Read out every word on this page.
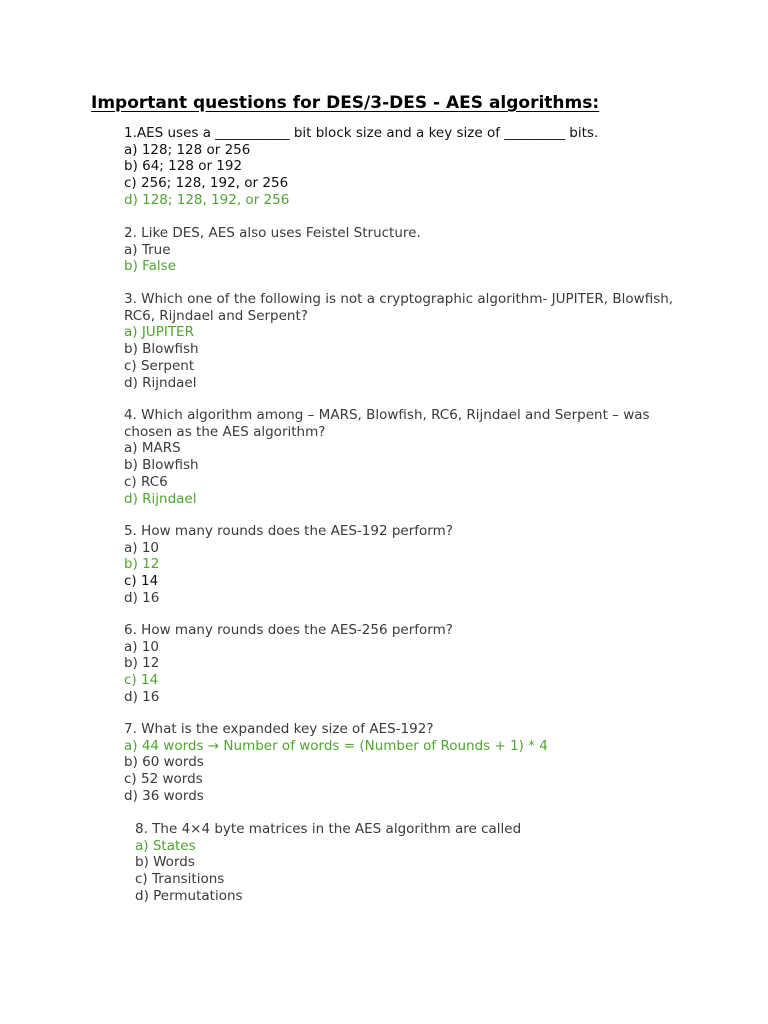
Important questions for DES/3-DES - AES algorithms:
1.AES uses a ___________ bit block size and a key size of _________ bits.
a) 128; 128 or 256
b) 64; 128 or 192
c) 256; 128, 192, or 256
d) 128; 128, 192, or 256
2. Like DES, AES also uses Feistel Structure.
a) True
b) False
3. Which one of the following is not a cryptographic algorithm- JUPITER, Blowfish, RC6, Rijndael and Serpent?
a) JUPITER
b) Blowfish
c) Serpent
d) Rijndael
4. Which algorithm among – MARS, Blowfish, RC6, Rijndael and Serpent – was chosen as the AES algorithm?
a) MARS
b) Blowfish
c) RC6
d) Rijndael
5. How many rounds does the AES-192 perform?
a) 10
b) 12
c) 14
d) 16
6. How many rounds does the AES-256 perform?
a) 10
b) 12
c) 14
d) 16
7. What is the expanded key size of AES-192?
a) 44 words → Number of words = (Number of Rounds + 1) * 4
b) 60 words
c) 52 words
d) 36 words
8. The 4×4 byte matrices in the AES algorithm are called
a) States
b) Words
c) Transitions
d) Permutations
